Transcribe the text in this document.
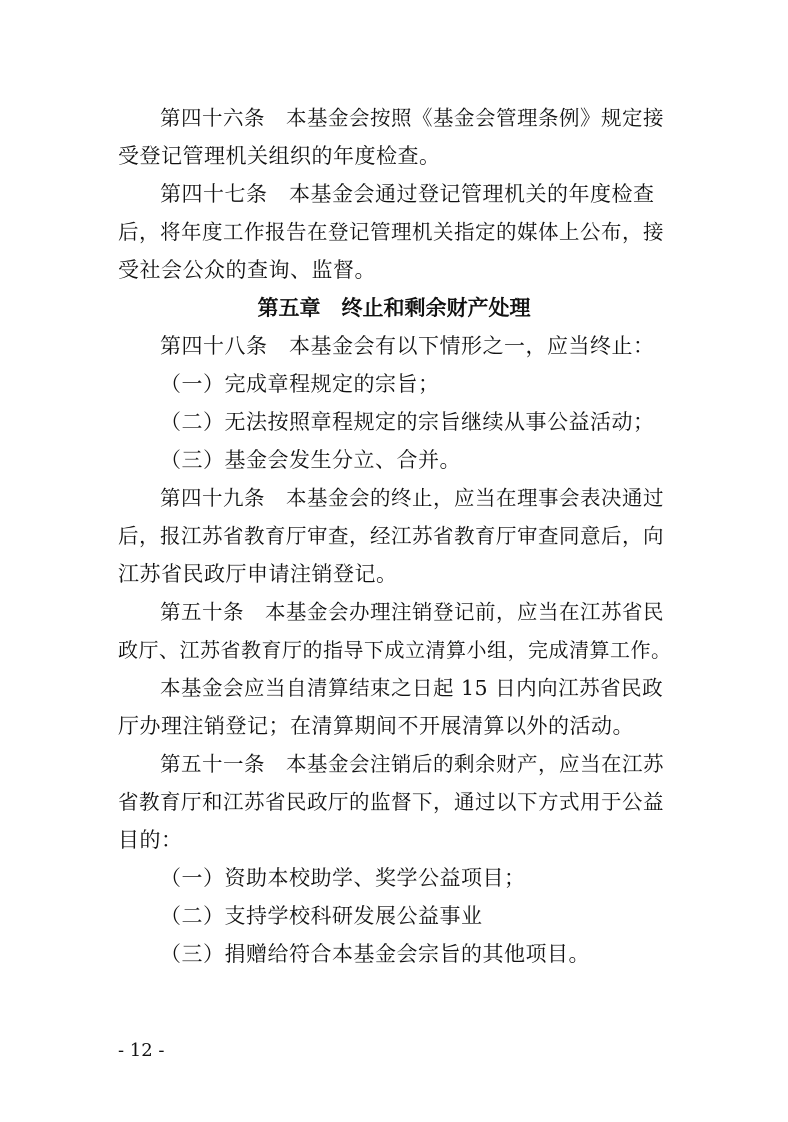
第四十六条　本基金会按照《基金会管理条例》规定接
受登记管理机关组织的年度检查。
第四十七条　本基金会通过登记管理机关的年度检查
后，将年度工作报告在登记管理机关指定的媒体上公布，接
受社会公众的查询、监督。
第五章　终止和剩余财产处理
第四十八条　本基金会有以下情形之一，应当终止：
（一）完成章程规定的宗旨；
（二）无法按照章程规定的宗旨继续从事公益活动；
（三）基金会发生分立、合并。
第四十九条　本基金会的终止，应当在理事会表决通过
后，报江苏省教育厅审查，经江苏省教育厅审查同意后，向
江苏省民政厅申请注销登记。
第五十条　本基金会办理注销登记前，应当在江苏省民
政厅、江苏省教育厅的指导下成立清算小组，完成清算工作。
本基金会应当自清算结束之日起 15 日内向江苏省民政
厅办理注销登记；在清算期间不开展清算以外的活动。
第五十一条　本基金会注销后的剩余财产，应当在江苏
省教育厅和江苏省民政厅的监督下，通过以下方式用于公益
目的：
（一）资助本校助学、奖学公益项目；
（二）支持学校科研发展公益事业
（三）捐赠给符合本基金会宗旨的其他项目。
- 12 -
